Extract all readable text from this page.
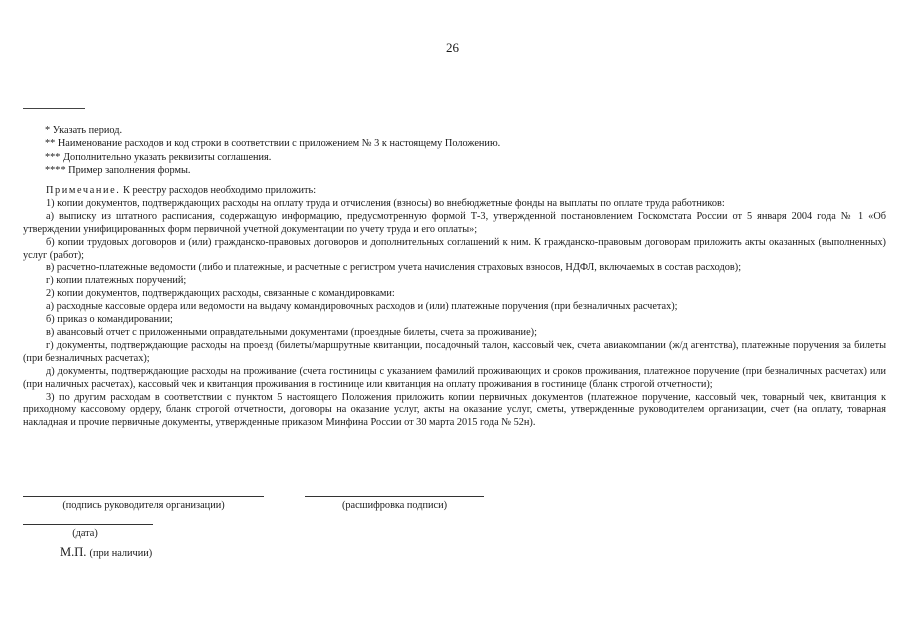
26
* Указать период.
** Наименование расходов и код строки в соответствии с приложением № 3 к настоящему Положению.
*** Дополнительно указать реквизиты соглашения.
**** Пример заполнения формы.

Примечание. К реестру расходов необходимо приложить:

1) копии документов, подтверждающих расходы на оплату труда и отчисления (взносы) во внебюджетные фонды на выплаты по оплате труда работников:

а) выписку из штатного расписания, содержащую информацию, предусмотренную формой Т-3, утвержденной постановлением Госкомстата России от 5 января 2004 года № 1 «Об утверждении унифицированных форм первичной учетной документации по учету труда и его оплаты»;

б) копии трудовых договоров и (или) гражданско-правовых договоров и дополнительных соглашений к ним. К гражданско-правовым договорам приложить акты оказанных (выполненных) услуг (работ);

в) расчетно-платежные ведомости (либо и платежные, и расчетные с регистром учета начисления страховых взносов, НДФЛ, включаемых в состав расходов);

г) копии платежных поручений;

2) копии документов, подтверждающих расходы, связанные с командировками:

а) расходные кассовые ордера или ведомости на выдачу командировочных расходов и (или) платежные поручения (при безналичных расчетах);

б) приказ о командировании;

в) авансовый отчет с приложенными оправдательными документами (проездные билеты, счета за проживание);

г) документы, подтверждающие расходы на проезд (билеты/маршрутные квитанции, посадочный талон, кассовый чек, счета авиакомпании (ж/д агентства), платежные поручения за билеты (при безналичных расчетах);

д) документы, подтверждающие расходы на проживание (счета гостиницы с указанием фамилий проживающих и сроков проживания, платежное поручение (при безналичных расчетах) или (при наличных расчетах), кассовый чек и квитанция проживания в гостинице или квитанция на оплату проживания в гостинице (бланк строгой отчетности);

3) по другим расходам в соответствии с пунктом 5 настоящего Положения приложить копии первичных документов (платежное поручение, кассовый чек, товарный чек, квитанция к приходному кассовому ордеру, бланк строгой отчетности, договоры на оказание услуг, акты на оказание услуг, сметы, утвержденные руководителем организации, счет (на оплату, товарная накладная и прочие первичные документы, утвержденные приказом Минфина России от 30 марта 2015 года № 52н).

(подпись руководителя организации)	(расшифровка подписи)
(дата)
М.П. (при наличии)
